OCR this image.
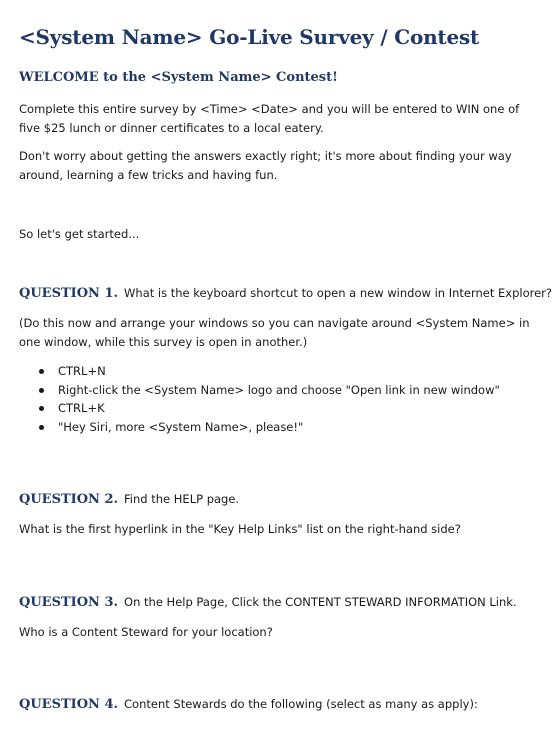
<System Name> Go-Live Survey / Contest
WELCOME to the <System Name> Contest!

Complete this entire survey by <Time> <Date> and you will be entered to WIN one of five $25 lunch or dinner certificates to a local eatery.

Don't worry about getting the answers exactly right; it's more about finding your way around, learning a few tricks and having fun.

So let's get started...

QUESTION 1. What is the keyboard shortcut to open a new window in Internet Explorer?

(Do this now and arrange your windows so you can navigate around <System Name> in one window, while this survey is open in another.)

CTRL+N
Right-click the <System Name> logo and choose "Open link in new window"
CTRL+K
"Hey Siri, more <System Name>, please!"

QUESTION 2. Find the HELP page.

What is the first hyperlink in the "Key Help Links" list on the right-hand side?

QUESTION 3. On the Help Page, Click the CONTENT STEWARD INFORMATION Link.

Who is a Content Steward for your location?

QUESTION 4. Content Stewards do the following (select as many as apply):
